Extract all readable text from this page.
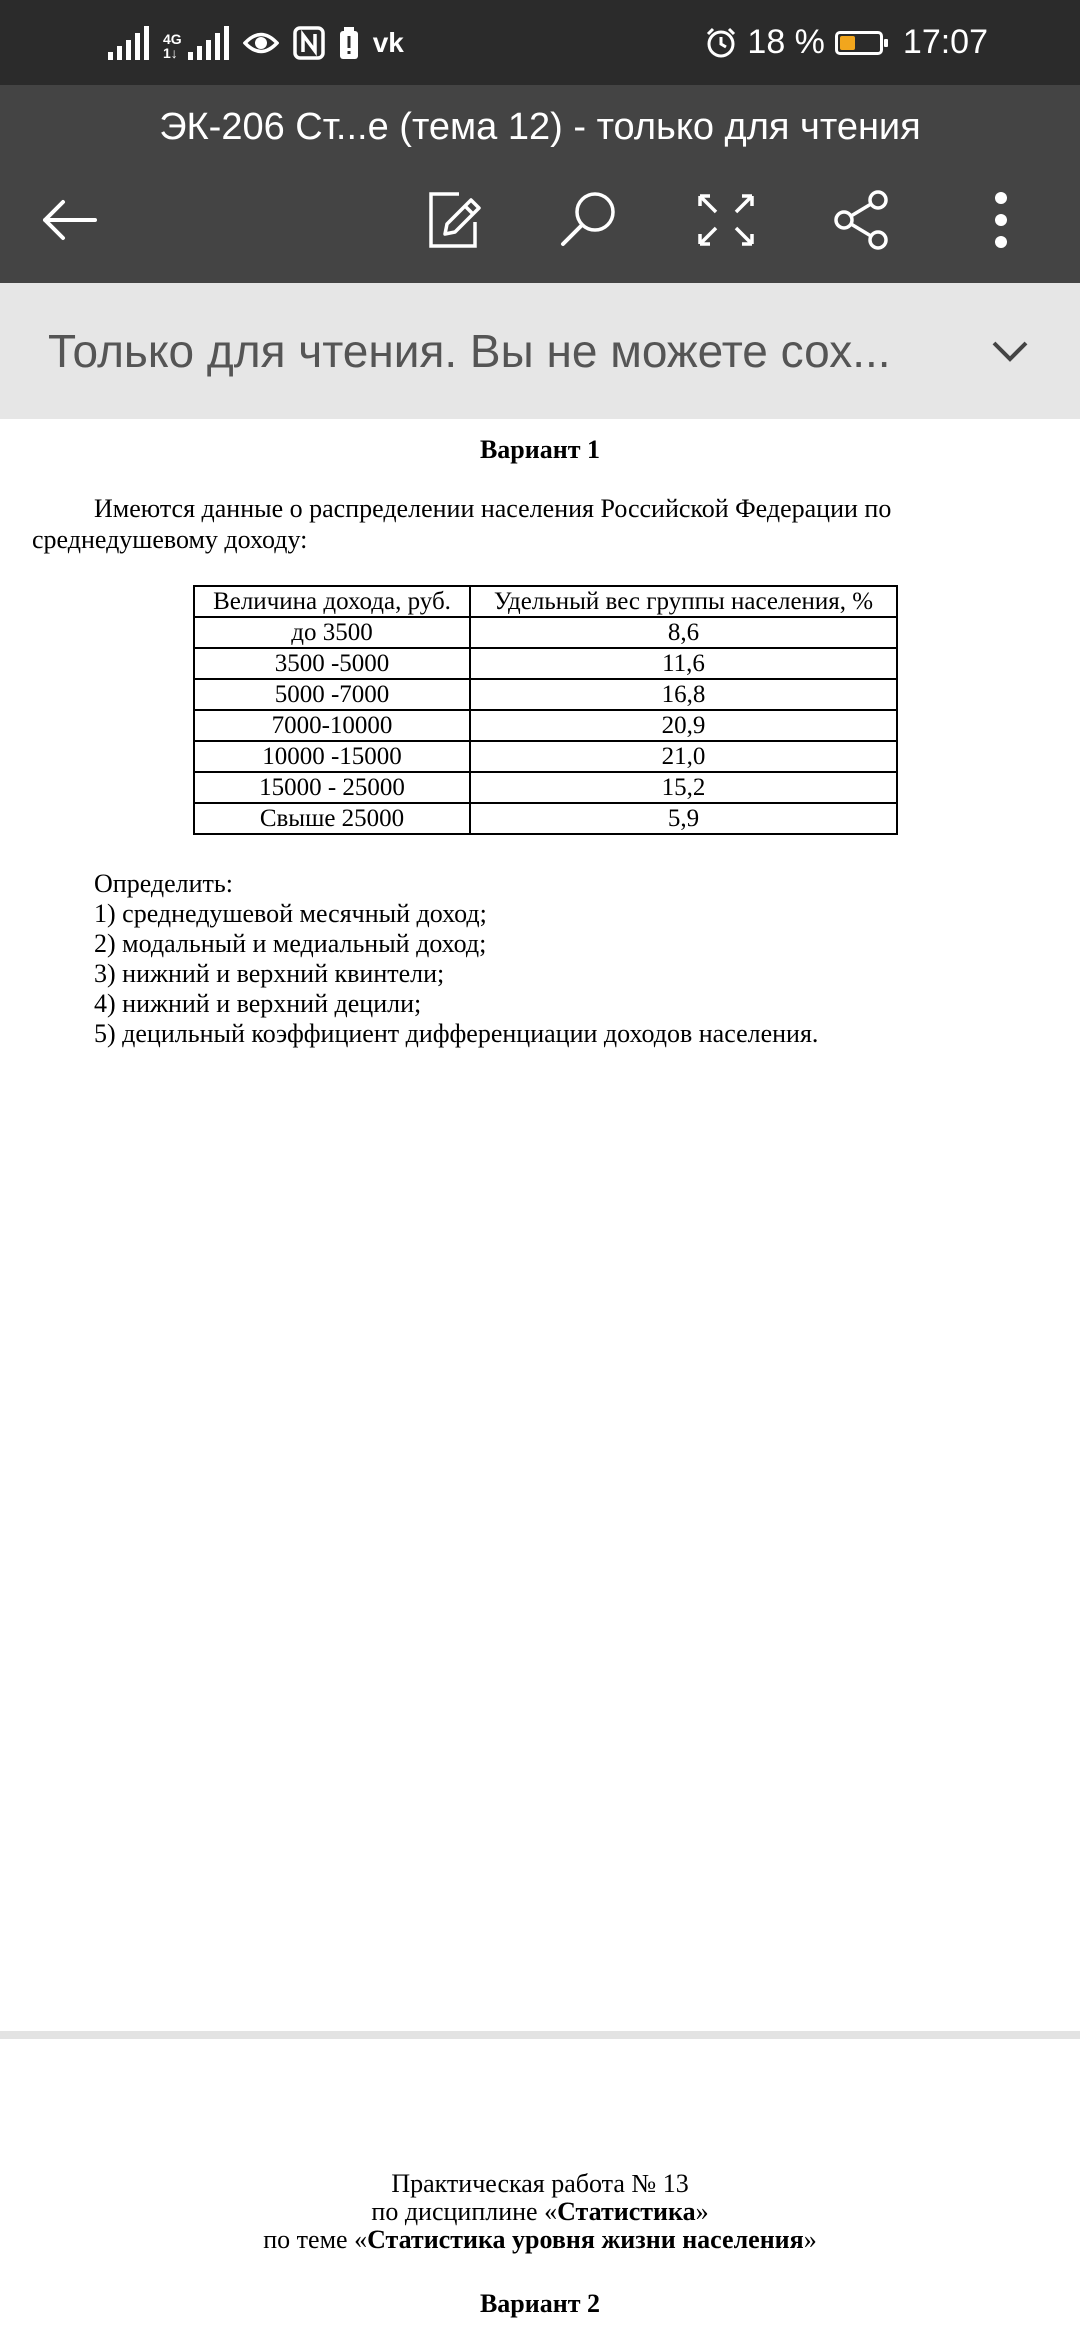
4G
1↓	vk	18 % 17:07
ЭК-206 Ст...е (тема 12) - только для чтения
Только для чтения. Вы не можете сох...
Вариант 1
Имеются данные о распределении населения Российской Федерации по
среднедушевому доходу:
Величина дохода, руб.	Удельный вес группы населения, %
до 3500	8,6
3500 -5000	11,6
5000 -7000	16,8
7000-10000	20,9
10000 -15000	21,0
15000 - 25000	15,2
Свыше 25000	5,9
Определить:
1) среднедушевой месячный доход;
2) модальный и медиальный доход;
3) нижний и верхний квинтели;
4) нижний и верхний децили;
5) децильный коэффициент дифференциации доходов населения.
Практическая работа № 13
по дисциплине «Статистика»
по теме «Статистика уровня жизни населения»
Вариант 2
